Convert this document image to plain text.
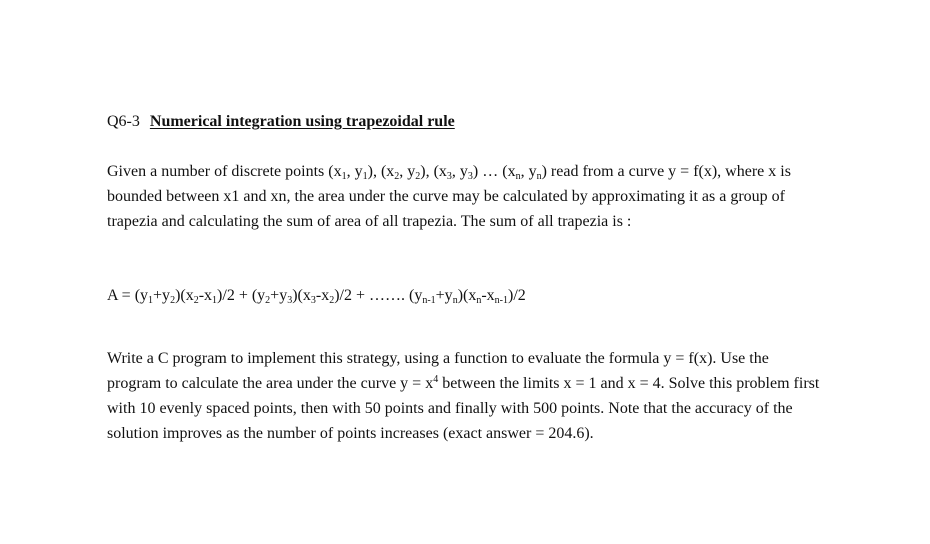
Q6-3 Numerical integration using trapezoidal rule

Given a number of discrete points ($x_1$, $y_1$), ($x_2$, $y_2$), ($x_3$, $y_3$) … ($x_n$, $y_n$) read from a curve y = f(x), where x is bounded between x1 and xn, the area under the curve may be calculated by approximating it as a group of trapezia and calculating the sum of area of all trapezia. The sum of all trapezia is :

$A = (y_1+y_2)(x_2-x_1)/2 + (y_2+y_3)(x_3-x_2)/2$ + ……. $(y_{n-1}+y_n)(x_n-x_{n-1})/2$

Write a C program to implement this strategy, using a function to evaluate the formula y = f(x). Use the program to calculate the area under the curve $y = x^4$ between the limits x = 1 and x = 4. Solve this problem first with 10 evenly spaced points, then with 50 points and finally with 500 points. Note that the accuracy of the solution improves as the number of points increases (exact answer = 204.6).
